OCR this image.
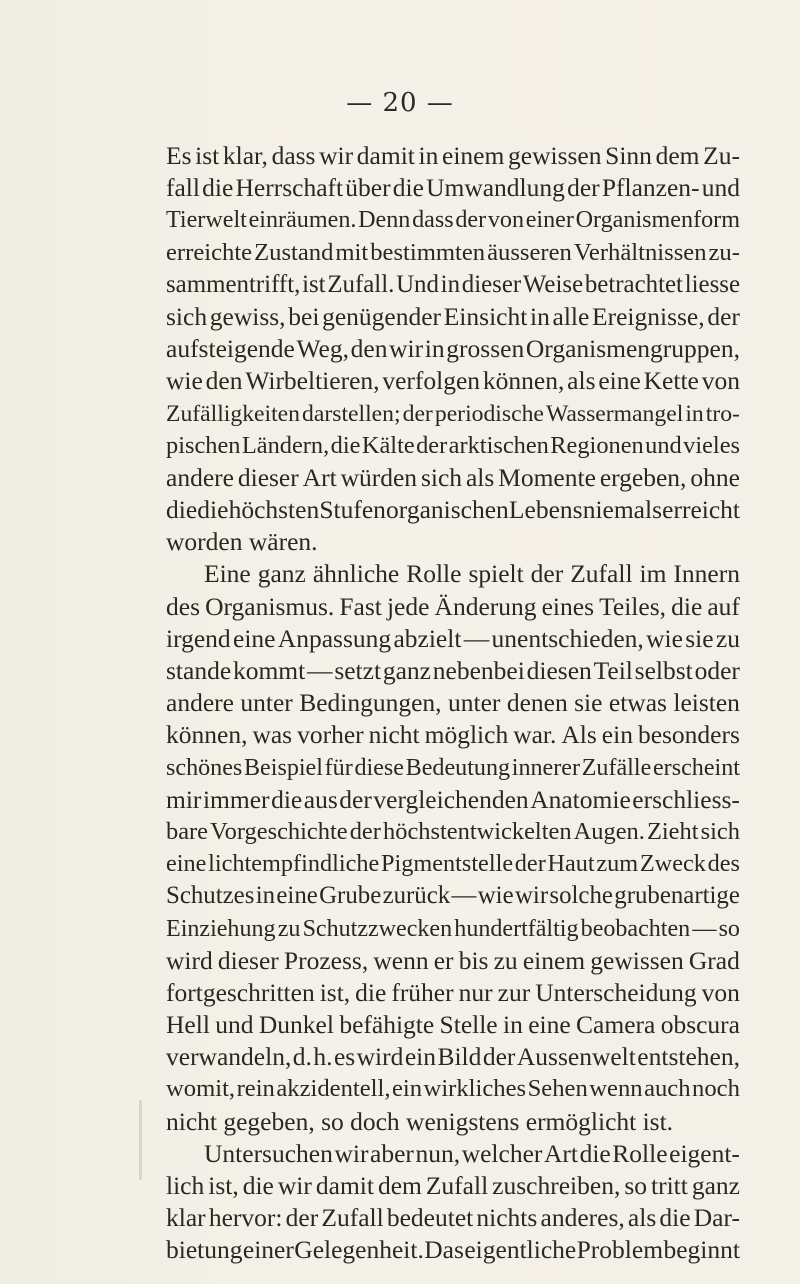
— 20 —
Es ist klar, dass wir damit in einem gewissen Sinn dem Zu-
fall die Herrschaft über die Umwandlung der Pflanzen- und
Tierwelt einräumen. Denn dass der von einer Organismenform
erreichte Zustand mit bestimmten äusseren Verhältnissen zu-
sammentrifft, ist Zufall. Und in dieser Weise betrachtet liesse
sich gewiss, bei genügender Einsicht in alle Ereignisse, der
aufsteigende Weg, den wir in grossen Organismengruppen,
wie den Wirbeltieren, verfolgen können, als eine Kette von
Zufälligkeiten darstellen; der periodische Wassermangel in tro-
pischen Ländern, die Kälte der arktischen Regionen und vieles
andere dieser Art würden sich als Momente ergeben, ohne
die die höchsten Stufen organischen Lebens niemals erreicht
worden wären.
Eine ganz ähnliche Rolle spielt der Zufall im Innern
des Organismus. Fast jede Änderung eines Teiles, die auf
irgend eine Anpassung abzielt — unentschieden, wie sie zu
stande kommt — setzt ganz nebenbei diesen Teil selbst oder
andere unter Bedingungen, unter denen sie etwas leisten
können, was vorher nicht möglich war. Als ein besonders
schönes Beispiel für diese Bedeutung innerer Zufälle erscheint
mir immer die aus der vergleichenden Anatomie erschliess-
bare Vorgeschichte der höchstentwickelten Augen. Zieht sich
eine lichtempfindliche Pigmentstelle der Haut zum Zweck des
Schutzes in eine Grube zurück — wie wir solche grubenartige
Einziehung zu Schutzzwecken hundertfältig beobachten — so
wird dieser Prozess, wenn er bis zu einem gewissen Grad
fortgeschritten ist, die früher nur zur Unterscheidung von
Hell und Dunkel befähigte Stelle in eine Camera obscura
verwandeln, d. h. es wird ein Bild der Aussenwelt entstehen,
womit, rein akzidentell, ein wirkliches Sehen wenn auch noch
nicht gegeben, so doch wenigstens ermöglicht ist.
Untersuchen wir aber nun, welcher Art die Rolle eigent-
lich ist, die wir damit dem Zufall zuschreiben, so tritt ganz
klar hervor: der Zufall bedeutet nichts anderes, als die Dar-
bietung einer Gelegenheit. Das eigentliche Problem beginnt
